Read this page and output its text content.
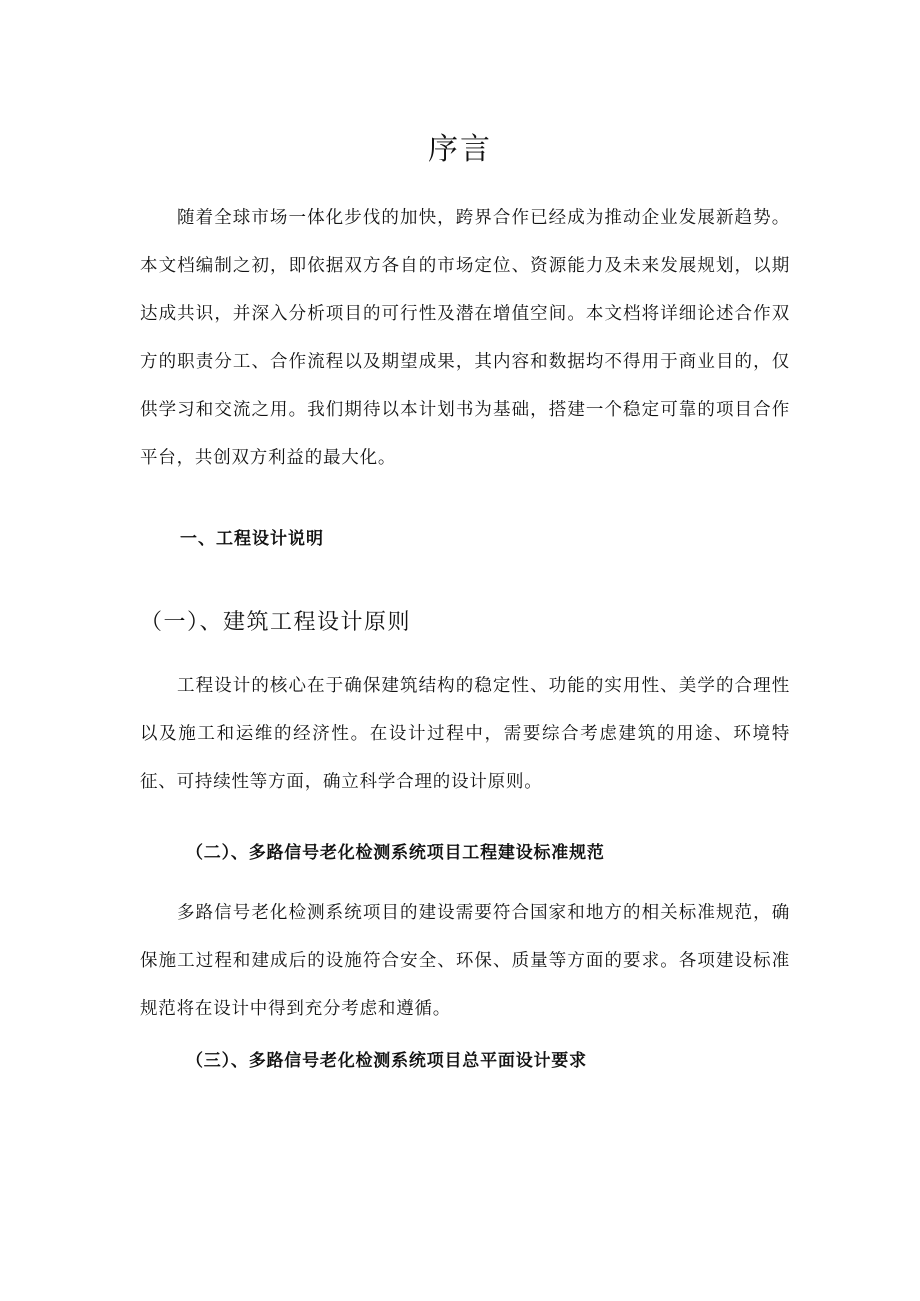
序言

随着全球市场一体化步伐的加快，跨界合作已经成为推动企业发展新趋势。本文档编制之初，即依据双方各自的市场定位、资源能力及未来发展规划，以期达成共识，并深入分析项目的可行性及潜在增值空间。本文档将详细论述合作双方的职责分工、合作流程以及期望成果，其内容和数据均不得用于商业目的，仅供学习和交流之用。我们期待以本计划书为基础，搭建一个稳定可靠的项目合作平台，共创双方利益的最大化。

一、工程设计说明
（一）、建筑工程设计原则

工程设计的核心在于确保建筑结构的稳定性、功能的实用性、美学的合理性以及施工和运维的经济性。在设计过程中，需要综合考虑建筑的用途、环境特征、可持续性等方面，确立科学合理的设计原则。

（二）、多路信号老化检测系统项目工程建设标准规范

多路信号老化检测系统项目的建设需要符合国家和地方的相关标准规范，确保施工过程和建成后的设施符合安全、环保、质量等方面的要求。各项建设标准规范将在设计中得到充分考虑和遵循。

（三）、多路信号老化检测系统项目总平面设计要求
